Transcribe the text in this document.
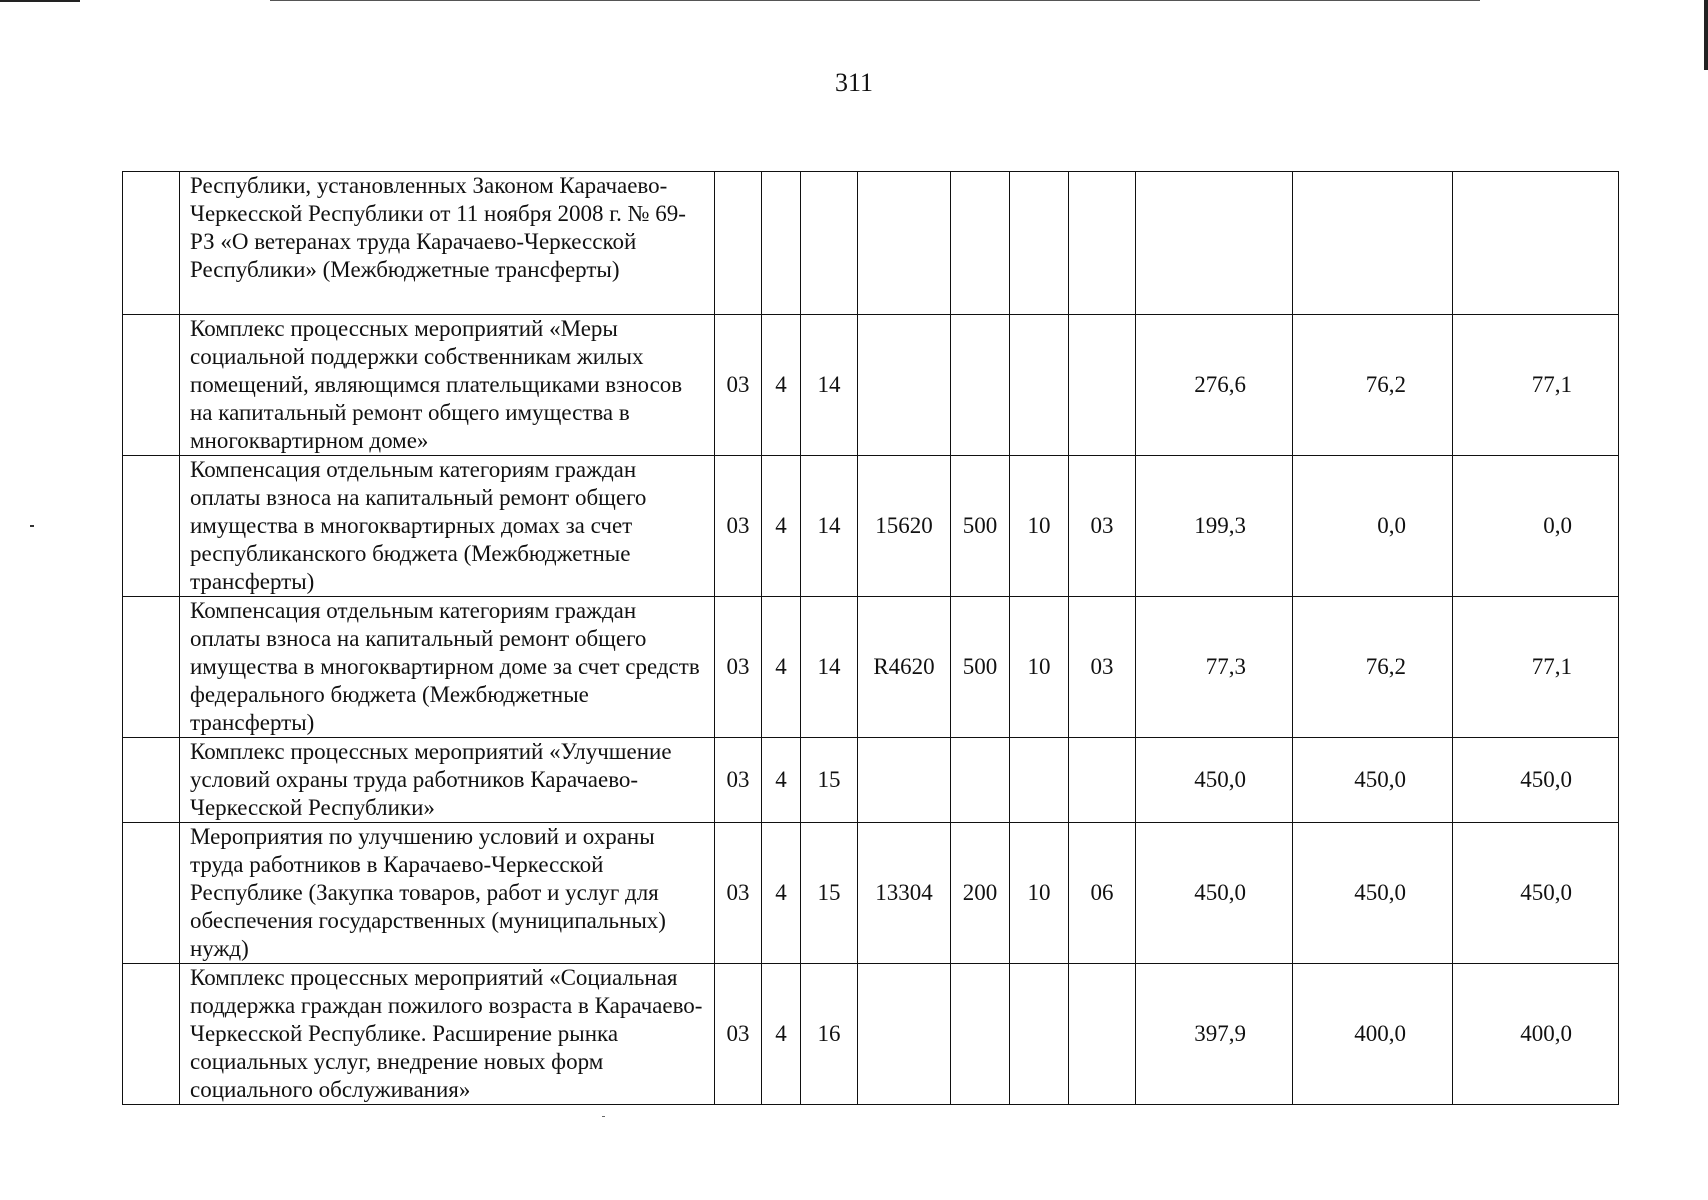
311
	Республики, установленных Законом Карачаево-Черкесской Республики от 11 ноября 2008 г. № 69-РЗ «О ветеранах труда Карачаево-Черкесской Республики» (Межбюджетные трансферты)										
	Комплекс процессных мероприятий «Меры социальной поддержки собственникам жилых помещений, являющимся плательщиками взносов на капитальный ремонт общего имущества в многоквартирном доме»	03	4	14					276,6	76,2	77,1
	Компенсация отдельным категориям граждан оплаты взноса на капитальный ремонт общего имущества в многоквартирных домах за счет республиканского бюджета (Межбюджетные трансферты)	03	4	14	15620	500	10	03	199,3	0,0	0,0
	Компенсация отдельным категориям граждан оплаты взноса на капитальный ремонт общего имущества в многоквартирном доме за счет средств федерального бюджета (Межбюджетные трансферты)	03	4	14	R4620	500	10	03	77,3	76,2	77,1
	Комплекс процессных мероприятий «Улучшение условий охраны труда работников Карачаево-Черкесской Республики»	03	4	15					450,0	450,0	450,0
	Мероприятия по улучшению условий и охраны труда работников в Карачаево-Черкесской Республике (Закупка товаров, работ и услуг для обеспечения государственных (муниципальных) нужд)	03	4	15	13304	200	10	06	450,0	450,0	450,0
	Комплекс процессных мероприятий «Социальная поддержка граждан пожилого возраста в Карачаево-Черкесской Республике. Расширение рынка социальных услуг, внедрение новых форм социального обслуживания»	03	4	16					397,9	400,0	400,0
